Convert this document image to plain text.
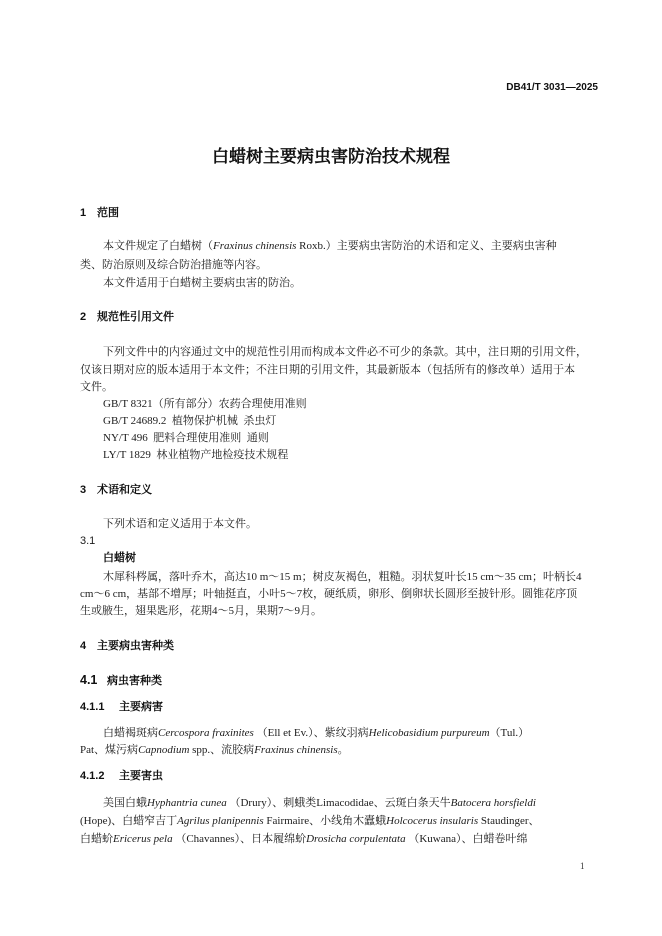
DB41/T 3031—2025
白蜡树主要病虫害防治技术规程
1 范围
本文件规定了白蜡树（Fraxinus chinensis Roxb.）主要病虫害防治的术语和定义、主要病虫害种
类、防治原则及综合防治措施等内容。
本文件适用于白蜡树主要病虫害的防治。
2 规范性引用文件
下列文件中的内容通过文中的规范性引用而构成本文件必不可少的条款。其中，注日期的引用文件，
仅该日期对应的版本适用于本文件；不注日期的引用文件，其最新版本（包括所有的修改单）适用于本
文件。
GB/T 8321（所有部分）农药合理使用准则
GB/T 24689.2  植物保护机械  杀虫灯
NY/T 496  肥料合理使用准则  通则
LY/T 1829  林业植物产地检疫技术规程
3 术语和定义
下列术语和定义适用于本文件。
3.1
白蜡树
木犀科梣属，落叶乔木，高达10 m～15 m；树皮灰褐色，粗糙。羽状复叶长15 cm～35 cm；叶柄长4
cm～6 cm，基部不增厚；叶轴挺直，小叶5～7枚，硬纸质，卵形、倒卵状长圆形至披针形。圆锥花序顶
生或腋生，翅果匙形，花期4～5月，果期7～9月。
4 主要病虫害种类
4.1 病虫害种类
4.1.1 主要病害
白蜡褐斑病Cercospora fraxinites （Ell et Ev.）、紫纹羽病Helicobasidium purpureum（Tul.）
Pat、煤污病Capnodium spp.、流胶病Fraxinus chinensis。
4.1.2 主要害虫
美国白蛾Hyphantria cunea （Drury）、刺蛾类Limacodidae、云斑白条天牛Batocera horsfieldi
(Hope)、白蜡窄吉丁Agrilus planipennis Fairmaire、小线角木蠹蛾Holcocerus insularis Staudinger、
白蜡蚧Ericerus pela （Chavannes）、日本履绵蚧Drosicha corpulentata （Kuwana）、白蜡卷叶绵
1
